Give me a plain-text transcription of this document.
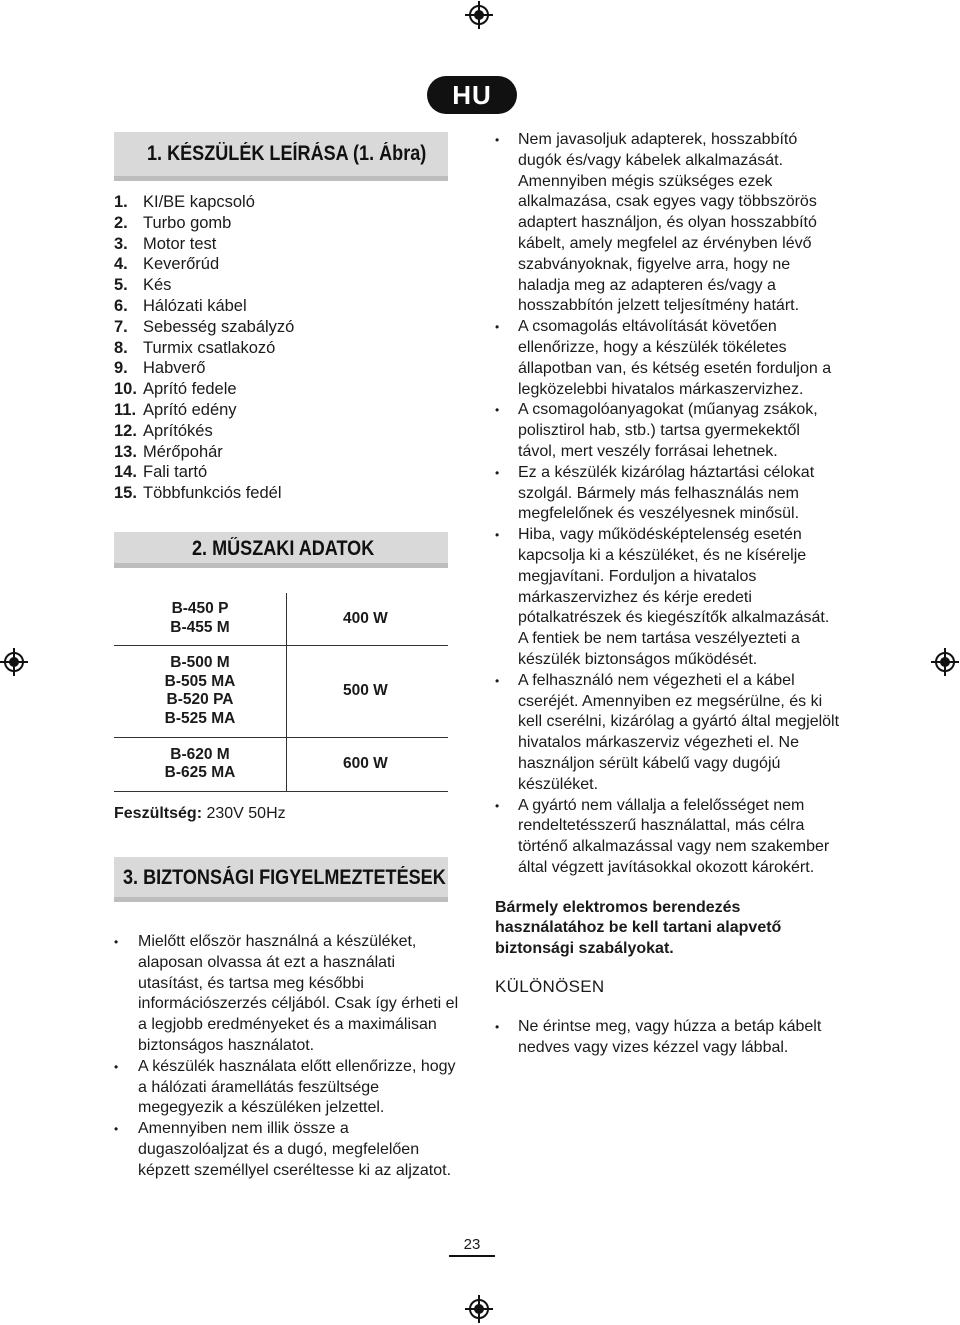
HU
1. KÉSZÜLÉK LEÍRÁSA (1. Ábra)
1. KI/BE kapcsoló
2. Turbo gomb
3. Motor test
4. Keverőrúd
5. Kés
6. Hálózati kábel
7. Sebesség szabályzó
8. Turmix csatlakozó
9. Habverő
10. Aprító fedele
11. Aprító edény
12. Aprítókés
13. Mérőpohár
14. Fali tartó
15. Többfunkciós fedél
2. MŰSZAKI ADATOK
B-450 P
B-455 M	400 W

B-500 M
B-505 MA
B-520 PA
B-525 MA	500 W

B-620 M
B-625 MA	600 W
Feszültség: 230V 50Hz
3. BIZTONSÁGI FIGYELMEZTETÉSEK
• Mielőtt először használná a készüléket, alaposan olvassa át ezt a használati utasítást, és tartsa meg későbbi információszerzés céljából. Csak így érheti el a legjobb eredményeket és a maximálisan biztonságos használatot.
• A készülék használata előtt ellenőrizze, hogy a hálózati áramellátás feszültsége megegyezik a készüléken jelzettel.
• Amennyiben nem illik össze a dugaszolóaljzat és a dugó, megfelelően képzett személlyel cseréltesse ki az aljzatot.
• Nem javasoljuk adapterek, hosszabbító dugók és/vagy kábelek alkalmazását. Amennyiben mégis szükséges ezek alkalmazása, csak egyes vagy többszörös adaptert használjon, és olyan hosszabbító kábelt, amely megfelel az érvényben lévő szabványoknak, figyelve arra, hogy ne haladja meg az adapteren és/vagy a hosszabbítón jelzett teljesítmény határt.
• A csomagolás eltávolítását követően ellenőrizze, hogy a készülék tökéletes állapotban van, és kétség esetén forduljon a legközelebbi hivatalos márkaszervizhez.
• A csomagolóanyagokat (műanyag zsákok, polisztirol hab, stb.) tartsa gyermekektől távol, mert veszély forrásai lehetnek.
• Ez a készülék kizárólag háztartási célokat szolgál. Bármely más felhasználás nem megfelelőnek és veszélyesnek minősül.
• Hiba, vagy működésképtelenség esetén kapcsolja ki a készüléket, és ne kísérelje megjavítani. Forduljon a hivatalos márkaszervizhez és kérje eredeti pótalkatrészek és kiegészítők alkalmazását. A fentiek be nem tartása veszélyezteti a készülék biztonságos működését.
• A felhasználó nem végezheti el a kábel cseréjét. Amennyiben ez megsérülne, és ki kell cserélni, kizárólag a gyártó által megjelölt hivatalos márkaszerviz végezheti el. Ne használjon sérült kábelű vagy dugójú készüléket.
• A gyártó nem vállalja a felelősséget nem rendeltetésszerű használattal, más célra történő alkalmazással vagy nem szakember által végzett javításokkal okozott károkért.
Bármely elektromos berendezés használatához be kell tartani alapvető biztonsági szabályokat.
KÜLÖNÖSEN
• Ne érintse meg, vagy húzza a betáp kábelt nedves vagy vizes kézzel vagy lábbal.
23
